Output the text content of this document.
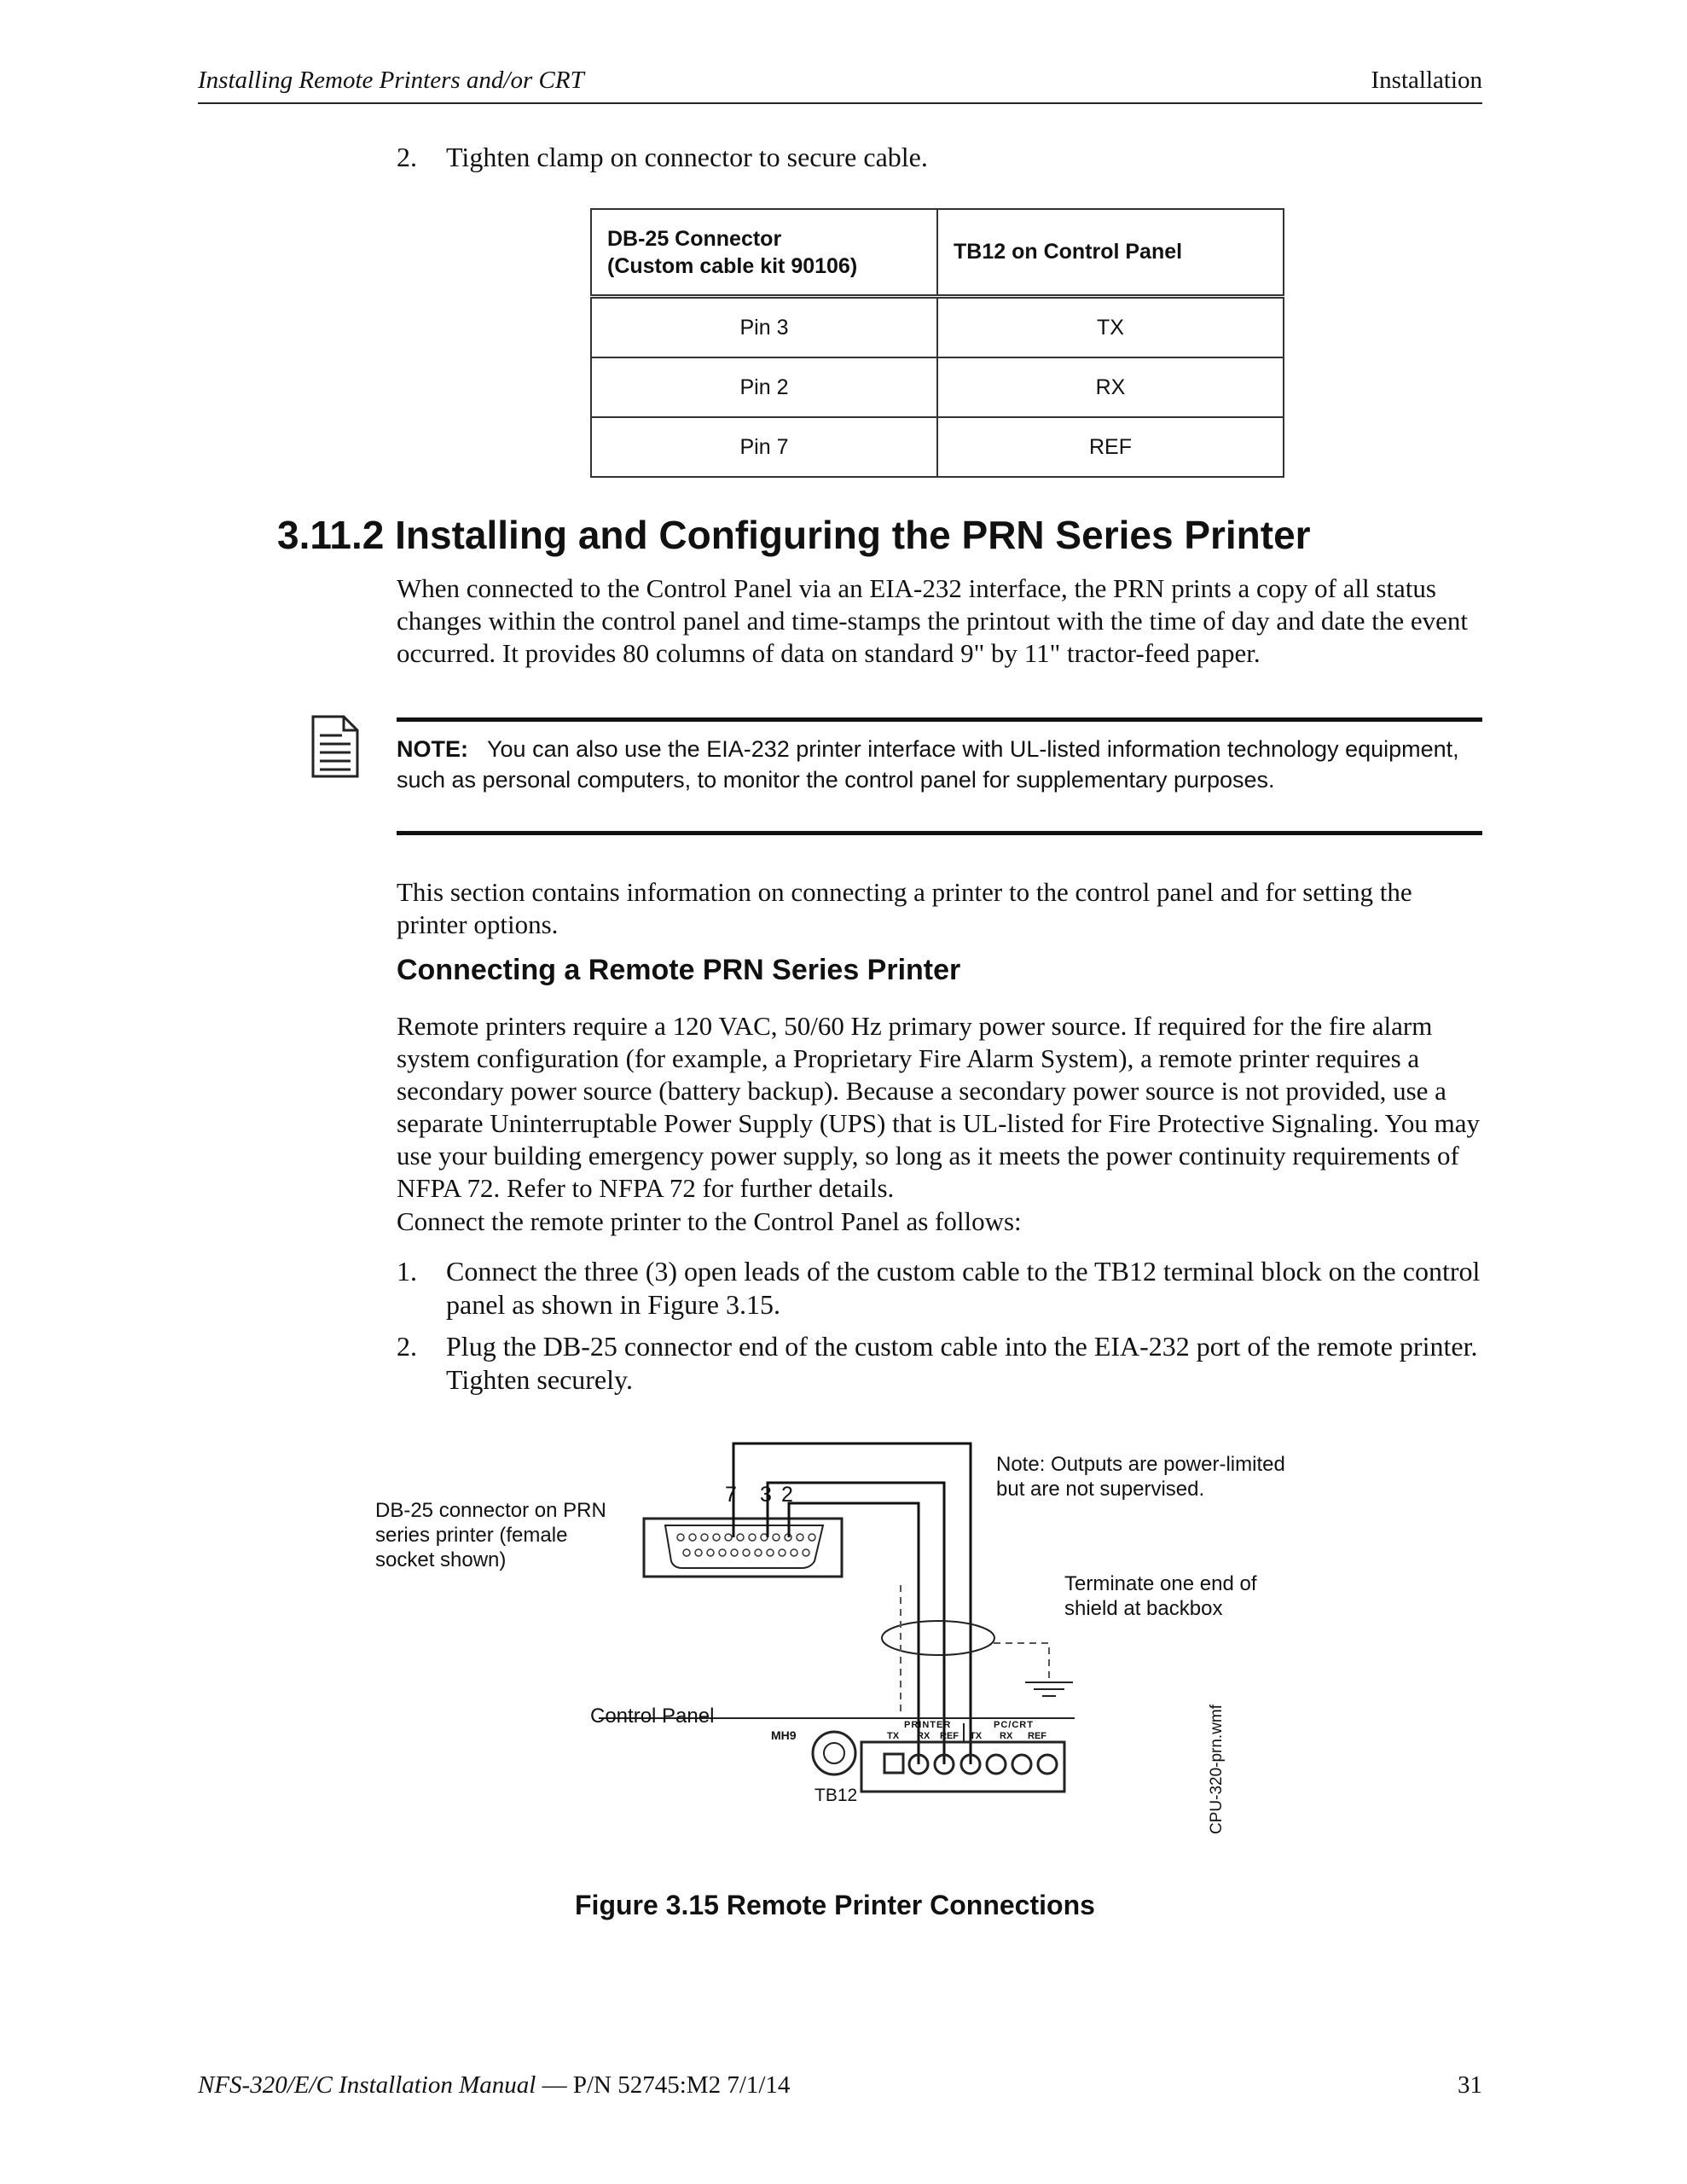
Installing Remote Printers and/or CRT	Installation
2. Tighten clamp on connector to secure cable.
DB-25 Connector
(Custom cable kit 90106)	TB12 on Control Panel
Pin 3	TX
Pin 2	RX
Pin 7	REF
3.11.2 Installing and Configuring the PRN Series Printer
When connected to the Control Panel via an EIA-232 interface, the PRN prints a copy of all status changes within the control panel and time-stamps the printout with the time of day and date the event occurred. It provides 80 columns of data on standard 9" by 11" tractor-feed paper.
NOTE: You can also use the EIA-232 printer interface with UL-listed information technology equipment, such as personal computers, to monitor the control panel for supplementary purposes.
This section contains information on connecting a printer to the control panel and for setting the printer options.
Connecting a Remote PRN Series Printer
Remote printers require a 120 VAC, 50/60 Hz primary power source. If required for the fire alarm system configuration (for example, a Proprietary Fire Alarm System), a remote printer requires a secondary power source (battery backup). Because a secondary power source is not provided, use a separate Uninterruptable Power Supply (UPS) that is UL-listed for Fire Protective Signaling. You may use your building emergency power supply, so long as it meets the power continuity requirements of NFPA 72. Refer to NFPA 72 for further details.
Connect the remote printer to the Control Panel as follows:
1. Connect the three (3) open leads of the custom cable to the TB12 terminal block on the control panel as shown in Figure 3.15.
2. Plug the DB-25 connector end of the custom cable into the EIA-232 port of the remote printer. Tighten securely.
DB-25 connector on PRN
series printer (female
socket shown)
7 3 2
Note: Outputs are power-limited
but are not supervised.
Terminate one end of
shield at backbox
Control Panel
MH9
TB12
PRINTER	PC/CRT
TX RX REF TX RX REF	CPU-320-prn.wmf
Figure 3.15 Remote Printer Connections
NFS-320/E/C Installation Manual — P/N 52745:M2 7/1/14	31
